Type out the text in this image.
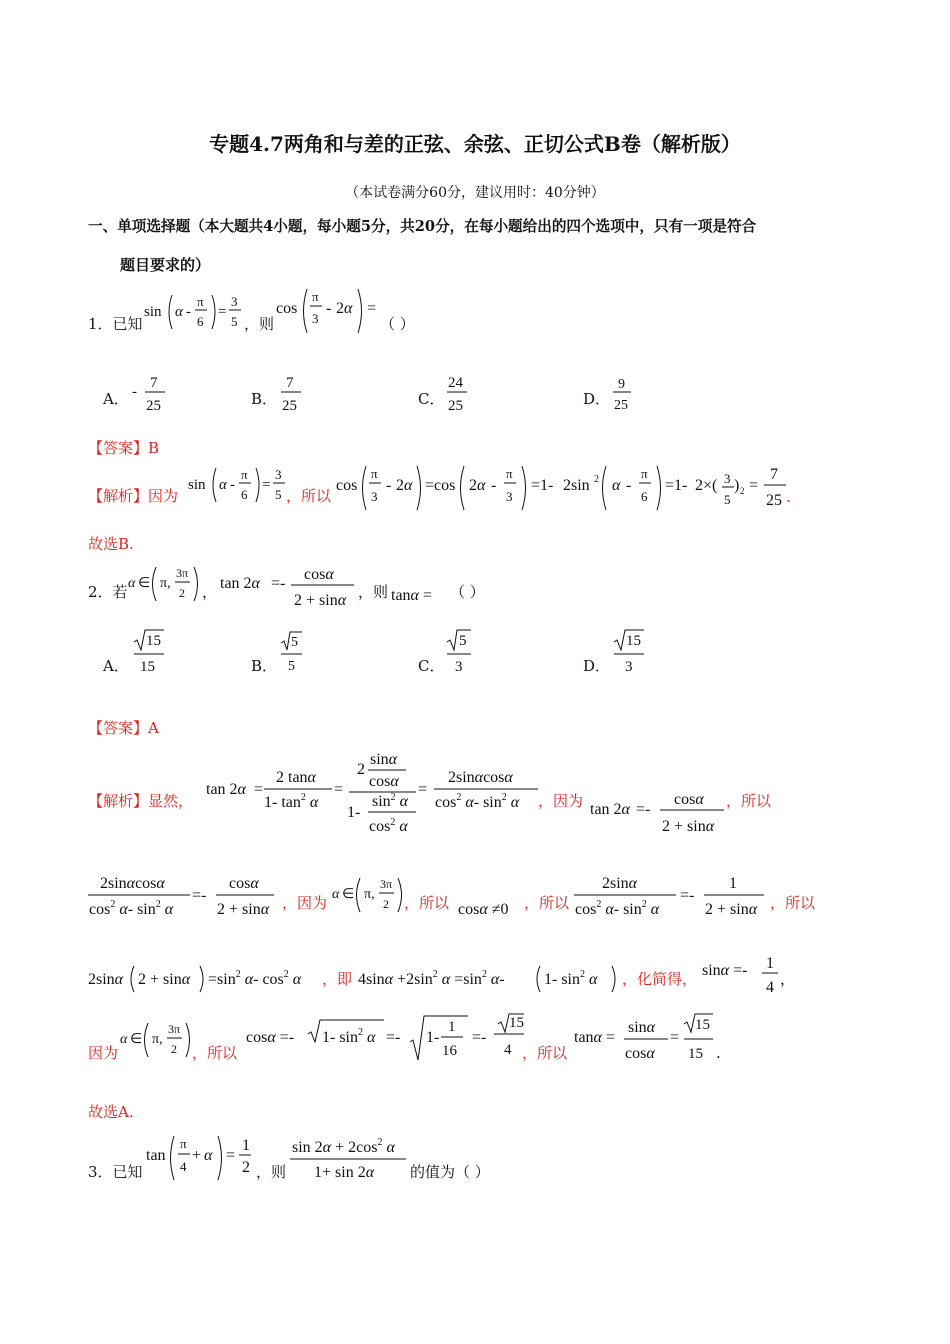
专题4.7两角和与差的正弦、余弦、正切公式B卷（解析版）
（本试卷满分60分，建议用时：40分钟）
一、单项选择题（本大题共4小题，每小题5分，共20分，在每小题给出的四个选项中，只有一项是符合
题目要求的）
1．已知
sin α -
π
6
=
3
5 ，则
cos
π
3
- 2α =
（ ）
A． -
7
25	B．
7
25	C．
24
25	D．
9
25
【答案】B
【解析】因为
sin α -
π
6
=
3
5 ，所以
cos
π
3
- 2α =cos 2α -
π
3
=1- 2sin 2 α -
π
6
=1- 2×( 3
5
) 2 =
7
25 .
故选B.
2．若 α ∈ π,
3π
2 ， tan 2α =-
cosα
2 + sinα ，则 tanα = （ ）
A．
15
15	B．
5
5	C．
5
3	D．
15
3
【答案】A
【解析】显然，
tan 2α =
2 tanα
1- $\tan^2 \alpha$
=
2
sinα
cosα
1-
$\sin^2 \alpha$
$\cos^2 \alpha$
=
2sinαcosα
$\cos^2 \alpha-$ $\sin^2 \alpha$ ，因为 tan 2α =-
cosα
2 + sinα
，所以
2sinαcosα
$\cos^2 \alpha-$ $\sin^2 \alpha$
=-
cosα
2 + sinα ，因为 α ∈ π,
3π
2 ，所以 cosα ≠0 ，所以
2sinα
$\cos^2 \alpha-$ $\sin^2 \alpha$
=-
1
2 + sinα ，所以
2sinα $2 + \sin\alpha =\sin^2$ α- $\cos^2 \alpha$ ，即 $4\sin\alpha +2\sin^2$ $\alpha =\sin^2$ α- 1- $\sin^2 \alpha$ ，化简得， sinα =- 1
4 ，
因为
α ∈ π,
3π
2 ，所以
cosα =- 1- $\sin^2 \alpha =- 1-$
1
16
=-
15
4 ，所以
tanα =
sinα
cosα
=
15
15 .
故选A.
3．已知
tan
π
4
+ α =
1
2 ，则
$\sin 2\alpha + 2\cos^2$ α
1+ sin 2α 的值为（ ）
